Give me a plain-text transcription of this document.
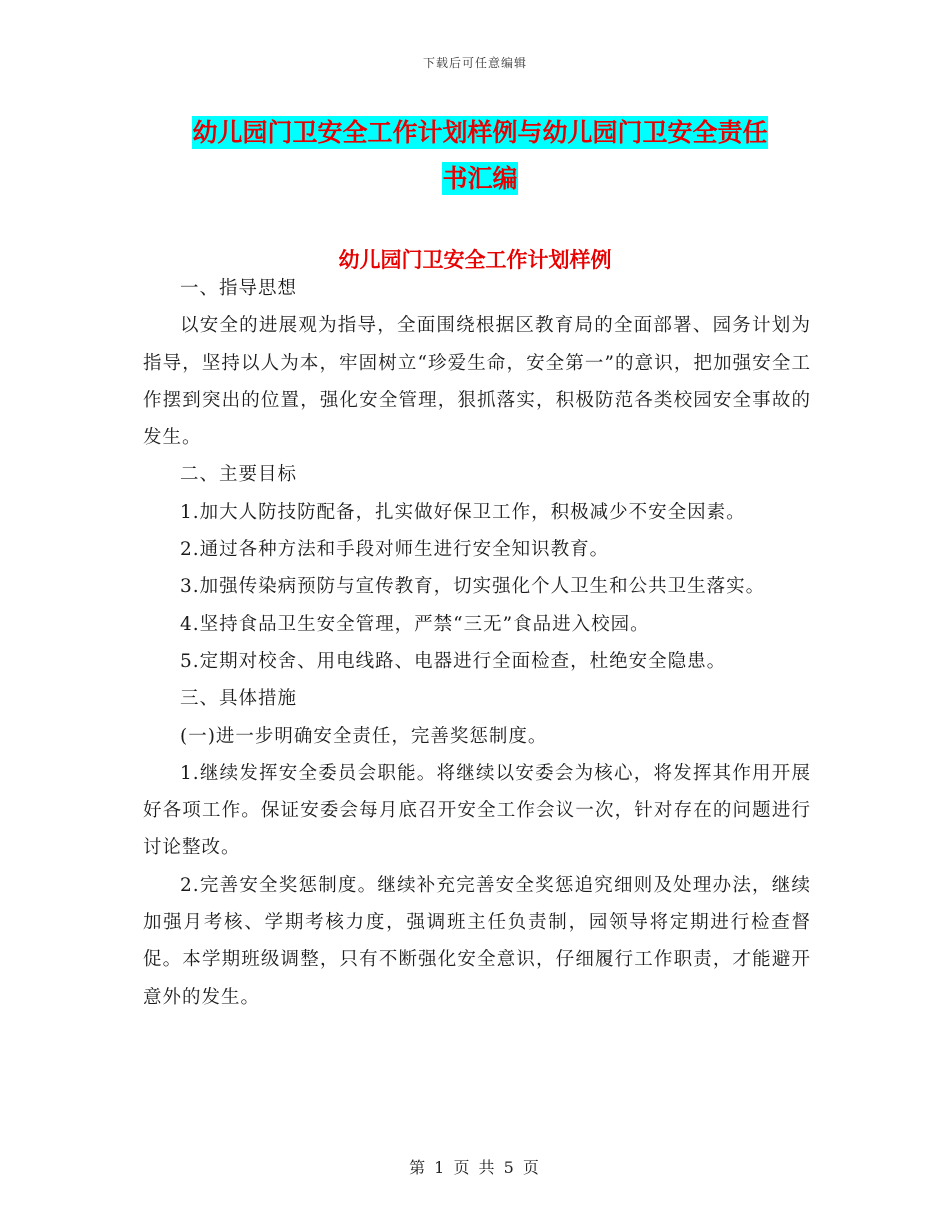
下载后可任意编辑
幼儿园门卫安全工作计划样例与幼儿园门卫安全责任
书汇编
幼儿园门卫安全工作计划样例

一、指导思想

以安全的进展观为指导，全面围绕根据区教育局的全面部署、园务计划为指导，坚持以人为本，牢固树立“珍爱生命，安全第一”的意识，把加强安全工作摆到突出的位置，强化安全管理，狠抓落实，积极防范各类校园安全事故的发生。

二、主要目标

1.加大人防技防配备，扎实做好保卫工作，积极减少不安全因素。

2.通过各种方法和手段对师生进行安全知识教育。

3.加强传染病预防与宣传教育，切实强化个人卫生和公共卫生落实。

4.坚持食品卫生安全管理，严禁“三无”食品进入校园。

5.定期对校舍、用电线路、电器进行全面检查，杜绝安全隐患。

三、具体措施

(一)进一步明确安全责任，完善奖惩制度。

1.继续发挥安全委员会职能。将继续以安委会为核心，将发挥其作用开展好各项工作。保证安委会每月底召开安全工作会议一次，针对存在的问题进行讨论整改。

2.完善安全奖惩制度。继续补充完善安全奖惩追究细则及处理办法，继续加强月考核、学期考核力度，强调班主任负责制，园领导将定期进行检查督促。本学期班级调整，只有不断强化安全意识，仔细履行工作职责，才能避开意外的发生。

第 1 页 共 5 页
